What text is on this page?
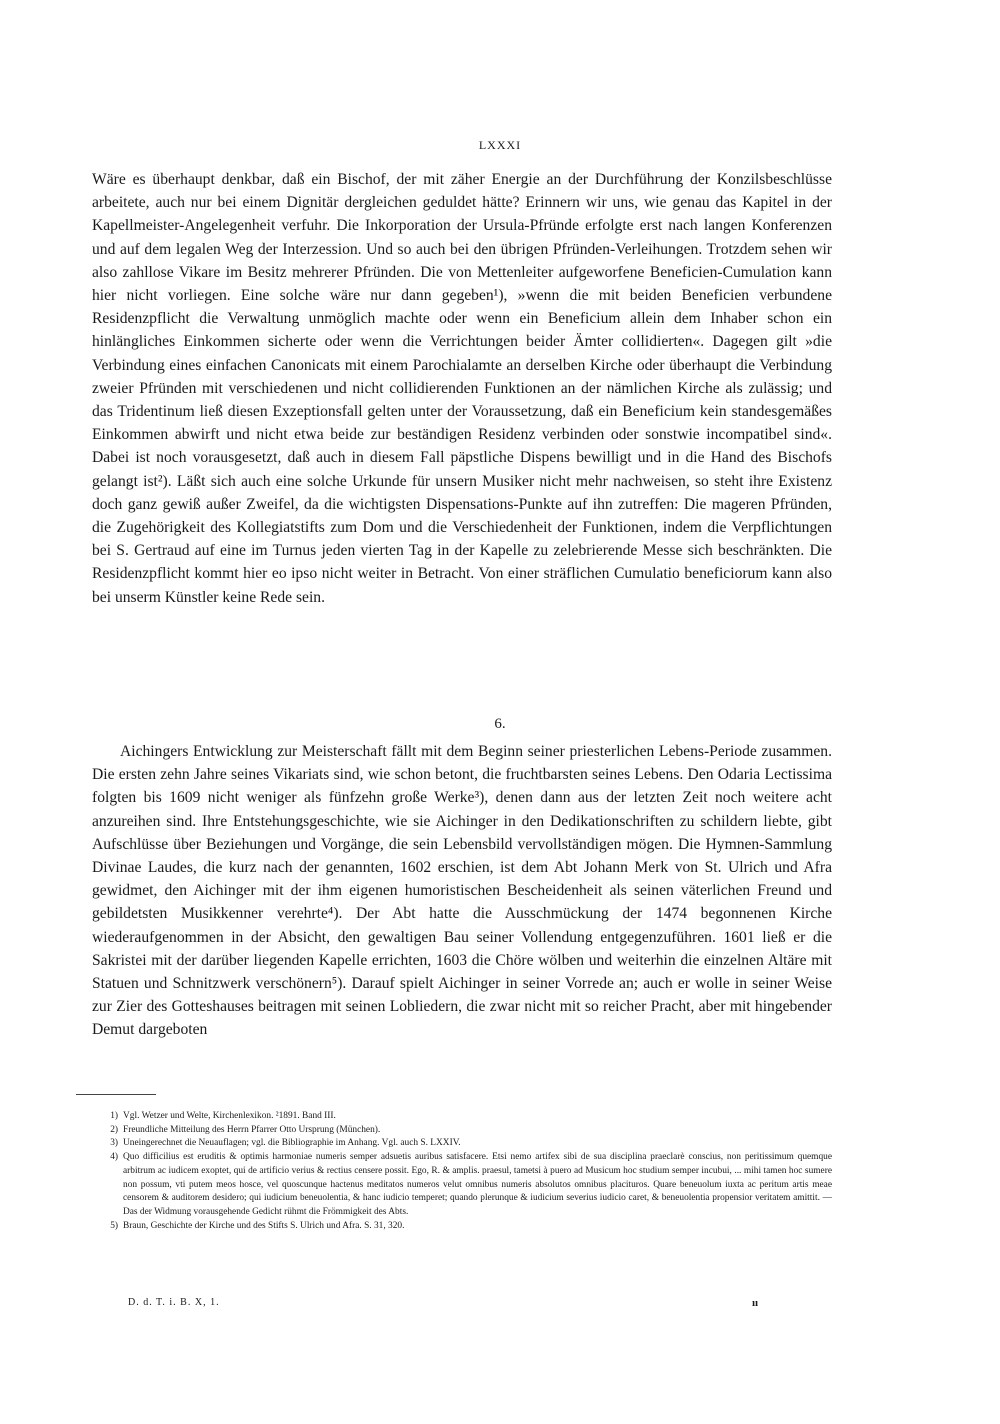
LXXXI

Wäre es überhaupt denkbar, daß ein Bischof, der mit zäher Energie an der Durchführung der Konzilsbeschlüsse arbeitete, auch nur bei einem Dignitär dergleichen geduldet hätte? Erinnern wir uns, wie genau das Kapitel in der Kapellmeister-Angelegenheit verfuhr. Die Inkorporation der Ursula-Pfründe erfolgte erst nach langen Konferenzen und auf dem legalen Weg der Interzession. Und so auch bei den übrigen Pfründen-Verleihungen. Trotzdem sehen wir also zahllose Vikare im Besitz mehrerer Pfründen. Die von Mettenleiter aufgeworfene Beneficien-Cumulation kann hier nicht vorliegen. Eine solche wäre nur dann gegeben¹), »wenn die mit beiden Beneficien verbundene Residenzpflicht die Verwaltung unmöglich machte oder wenn ein Beneficium allein dem Inhaber schon ein hinlängliches Einkommen sicherte oder wenn die Verrichtungen beider Ämter collidierten«. Dagegen gilt »die Verbindung eines einfachen Canonicats mit einem Parochialamte an derselben Kirche oder überhaupt die Verbindung zweier Pfründen mit verschiedenen und nicht collidierenden Funktionen an der nämlichen Kirche als zulässig; und das Tridentinum ließ diesen Exzeptionsfall gelten unter der Voraussetzung, daß ein Beneficium kein standesgemäßes Einkommen abwirft und nicht etwa beide zur beständigen Residenz verbinden oder sonstwie incompatibel sind«. Dabei ist noch vorausgesetzt, daß auch in diesem Fall päpstliche Dispens bewilligt und in die Hand des Bischofs gelangt ist²). Läßt sich auch eine solche Urkunde für unsern Musiker nicht mehr nachweisen, so steht ihre Existenz doch ganz gewiß außer Zweifel, da die wichtigsten Dispensations-Punkte auf ihn zutreffen: Die mageren Pfründen, die Zugehörigkeit des Kollegiatstifts zum Dom und die Verschiedenheit der Funktionen, indem die Verpflichtungen bei S. Gertraud auf eine im Turnus jeden vierten Tag in der Kapelle zu zelebrierende Messe sich beschränkten. Die Residenzpflicht kommt hier eo ipso nicht weiter in Betracht. Von einer sträflichen Cumulatio beneficiorum kann also bei unserm Künstler keine Rede sein.

6.

Aichingers Entwicklung zur Meisterschaft fällt mit dem Beginn seiner priesterlichen Lebens-Periode zusammen. Die ersten zehn Jahre seines Vikariats sind, wie schon betont, die fruchtbarsten seines Lebens. Den Odaria Lectissima folgten bis 1609 nicht weniger als fünfzehn große Werke³), denen dann aus der letzten Zeit noch weitere acht anzureihen sind. Ihre Entstehungsgeschichte, wie sie Aichinger in den Dedikationschriften zu schildern liebte, gibt Aufschlüsse über Beziehungen und Vorgänge, die sein Lebensbild vervollständigen mögen. Die Hymnen-Sammlung Divinae Laudes, die kurz nach der genannten, 1602 erschien, ist dem Abt Johann Merk von St. Ulrich und Afra gewidmet, den Aichinger mit der ihm eigenen humoristischen Bescheidenheit als seinen väterlichen Freund und gebildetsten Musikkenner verehrte⁴). Der Abt hatte die Ausschmückung der 1474 begonnenen Kirche wiederaufgenommen in der Absicht, den gewaltigen Bau seiner Vollendung entgegenzuführen. 1601 ließ er die Sakristei mit der darüber liegenden Kapelle errichten, 1603 die Chöre wölben und weiterhin die einzelnen Altäre mit Statuen und Schnitzwerk verschönern⁵). Darauf spielt Aichinger in seiner Vorrede an; auch er wolle in seiner Weise zur Zier des Gotteshauses beitragen mit seinen Lobliedern, die zwar nicht mit so reicher Pracht, aber mit hingebender Demut dargeboten

1) Vgl. Wetzer und Welte, Kirchenlexikon. ²1891. Band III.
2) Freundliche Mitteilung des Herrn Pfarrer Otto Ursprung (München).
3) Uneingerechnet die Neuauflagen; vgl. die Bibliographie im Anhang. Vgl. auch S. LXXIV.
4) Quo difficilius est eruditis & optimis harmoniae numeris semper adsuetis auribus satisfacere. Etsi nemo artifex sibi de sua disciplina praeclarè conscius, non peritissimum quemque arbitrum ac iudicem exoptet, qui de artificio verius & rectius censere possit. Ego, R. & amplis. praesul, tametsi à puero ad Musicum hoc studium semper incubui, ... mihi tamen hoc sumere non possum, vti putem meos hosce, vel quoscunque hactenus meditatos numeros velut omnibus numeris absolutos omnibus placituros. Quare beneuolum iuxta ac peritum artis meae censorem & auditorem desidero; qui iudicium beneuolentia, & hanc iudicio temperet; quando plerunque & iudicium severius iudicio caret, & beneuolentia propensior veritatem amittit. — Das der Widmung vorausgehende Gedicht rühmt die Frömmigkeit des Abts.
5) Braun, Geschichte der Kirche und des Stifts S. Ulrich und Afra. S. 31, 320.
D. d. T. i. B. X, 1.	ıı
